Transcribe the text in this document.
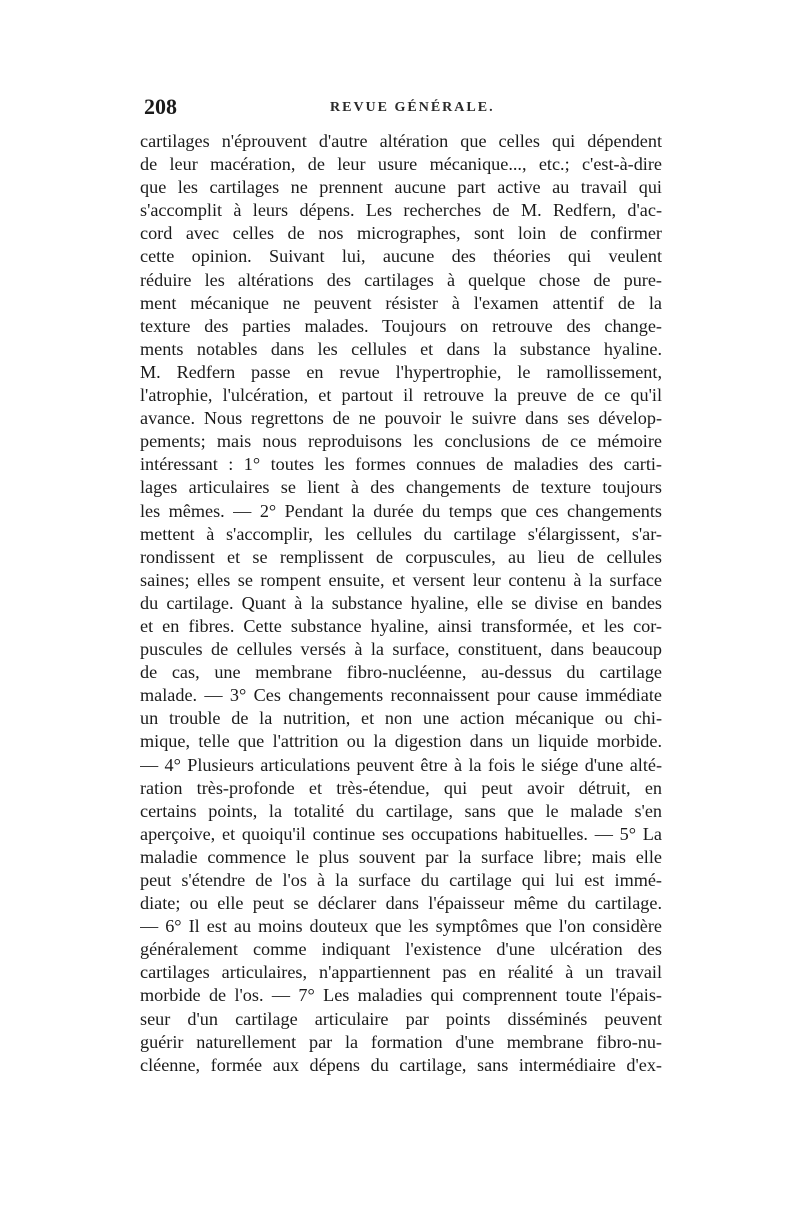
208	REVUE GÉNÉRALE.
cartilages n'éprouvent d'autre altération que celles qui dépendent
de leur macération, de leur usure mécanique..., etc.; c'est-à-dire
que les cartilages ne prennent aucune part active au travail qui
s'accomplit à leurs dépens. Les recherches de M. Redfern, d'ac-
cord avec celles de nos micrographes, sont loin de confirmer
cette opinion. Suivant lui, aucune des théories qui veulent
réduire les altérations des cartilages à quelque chose de pure-
ment mécanique ne peuvent résister à l'examen attentif de la
texture des parties malades. Toujours on retrouve des change-
ments notables dans les cellules et dans la substance hyaline.
M. Redfern passe en revue l'hypertrophie, le ramollissement,
l'atrophie, l'ulcération, et partout il retrouve la preuve de ce qu'il
avance. Nous regrettons de ne pouvoir le suivre dans ses dévelop-
pements; mais nous reproduisons les conclusions de ce mémoire
intéressant : 1° toutes les formes connues de maladies des carti-
lages articulaires se lient à des changements de texture toujours
les mêmes. — 2° Pendant la durée du temps que ces changements
mettent à s'accomplir, les cellules du cartilage s'élargissent, s'ar-
rondissent et se remplissent de corpuscules, au lieu de cellules
saines; elles se rompent ensuite, et versent leur contenu à la surface
du cartilage. Quant à la substance hyaline, elle se divise en bandes
et en fibres. Cette substance hyaline, ainsi transformée, et les cor-
puscules de cellules versés à la surface, constituent, dans beaucoup
de cas, une membrane fibro-nucléenne, au-dessus du cartilage
malade. — 3° Ces changements reconnaissent pour cause immédiate
un trouble de la nutrition, et non une action mécanique ou chi-
mique, telle que l'attrition ou la digestion dans un liquide morbide.
— 4° Plusieurs articulations peuvent être à la fois le siége d'une alté-
ration très-profonde et très-étendue, qui peut avoir détruit, en
certains points, la totalité du cartilage, sans que le malade s'en
aperçoive, et quoiqu'il continue ses occupations habituelles. — 5° La
maladie commence le plus souvent par la surface libre; mais elle
peut s'étendre de l'os à la surface du cartilage qui lui est immé-
diate; ou elle peut se déclarer dans l'épaisseur même du cartilage.
— 6° Il est au moins douteux que les symptômes que l'on considère
généralement comme indiquant l'existence d'une ulcération des
cartilages articulaires, n'appartiennent pas en réalité à un travail
morbide de l'os. — 7° Les maladies qui comprennent toute l'épais-
seur d'un cartilage articulaire par points disséminés peuvent
guérir naturellement par la formation d'une membrane fibro-nu-
cléenne, formée aux dépens du cartilage, sans intermédiaire d'ex-
